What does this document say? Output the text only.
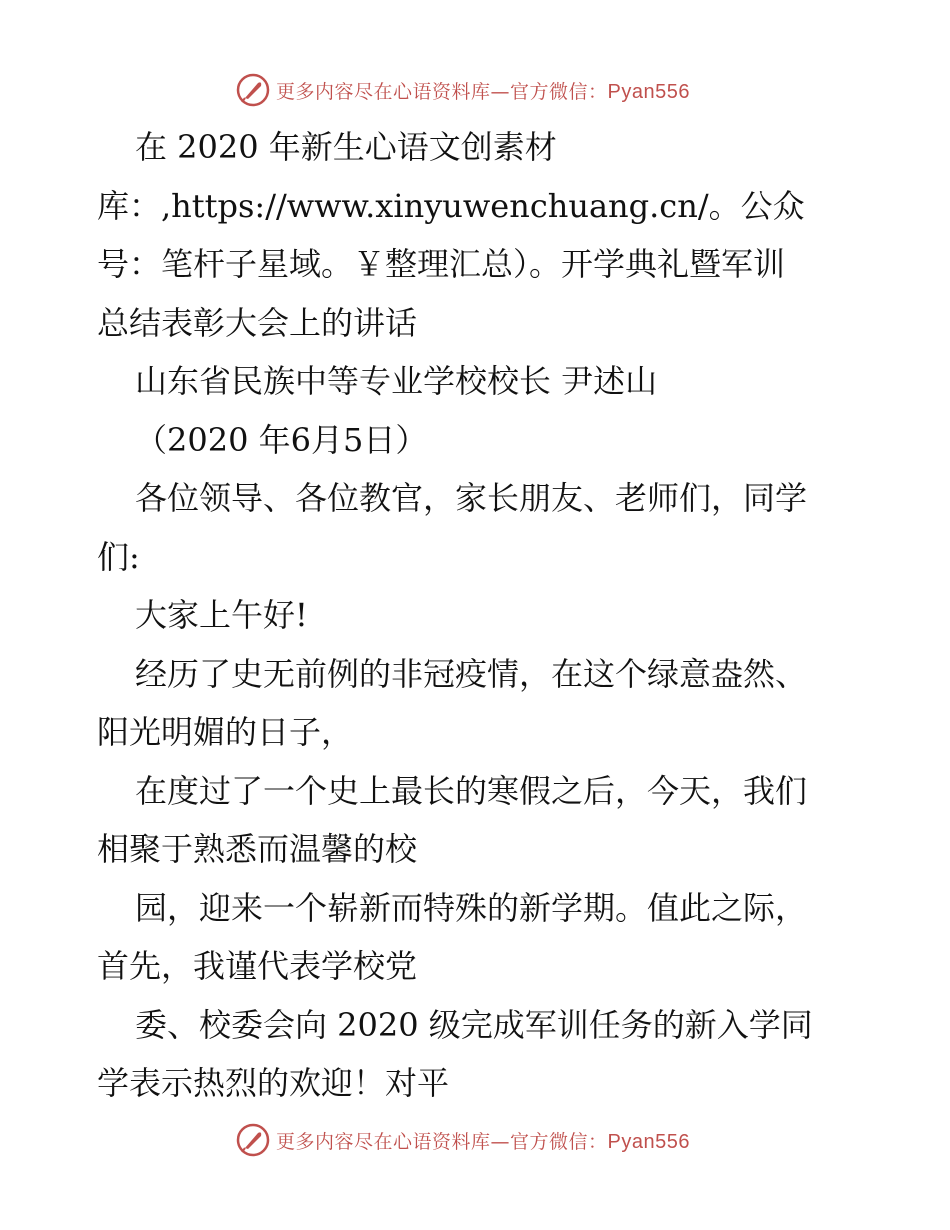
更多内容尽在心语资料库—官方微信：Pyan556
在 2020 年新生心语文创素材
库：,https://www.xinyuwenchuang.cn/。公众
号：笔杆子星域。￥整理汇总）。开学典礼暨军训
总结表彰大会上的讲话
山东省民族中等专业学校校长 尹述山
（2020 年6月5日）
各位领导、各位教官，家长朋友、老师们，同学
们:
大家上午好!
经历了史无前例的非冠疫情，在这个绿意盎然、
阳光明媚的日子，
在度过了一个史上最长的寒假之后，今天，我们
相聚于熟悉而温馨的校
园，迎来一个崭新而特殊的新学期。值此之际，
首先，我谨代表学校党
委、校委会向 2020 级完成军训任务的新入学同
学表示热烈的欢迎！对平
更多内容尽在心语资料库—官方微信：Pyan556
